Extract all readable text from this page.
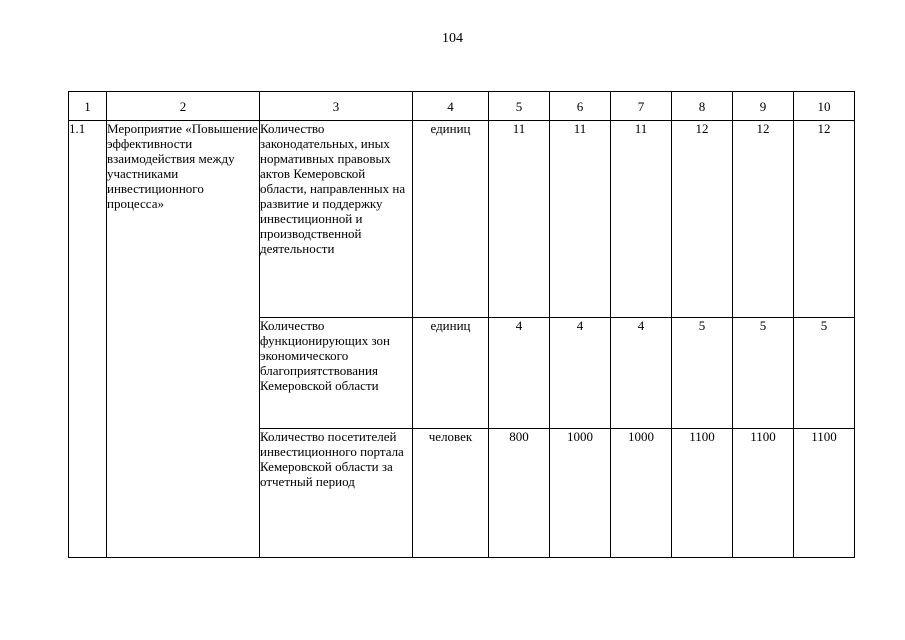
104
1	2	3	4	5	6	7	8	9	10
1.1	Мероприятие «Повышение эффективности взаимодействия между участниками инвестиционного процесса»	Количество законодательных, иных нормативных правовых актов Кемеровской области, направленных на развитие и поддержку инвестиционной и производственной деятельности	единиц	11	11	11	12	12	12
		Количество функционирующих зон экономического благоприятствования Кемеровской области	единиц	4	4	4	5	5	5
		Количество посетителей инвестиционного портала Кемеровской области за отчетный период	человек	800	1000	1000	1100	1100	1100
